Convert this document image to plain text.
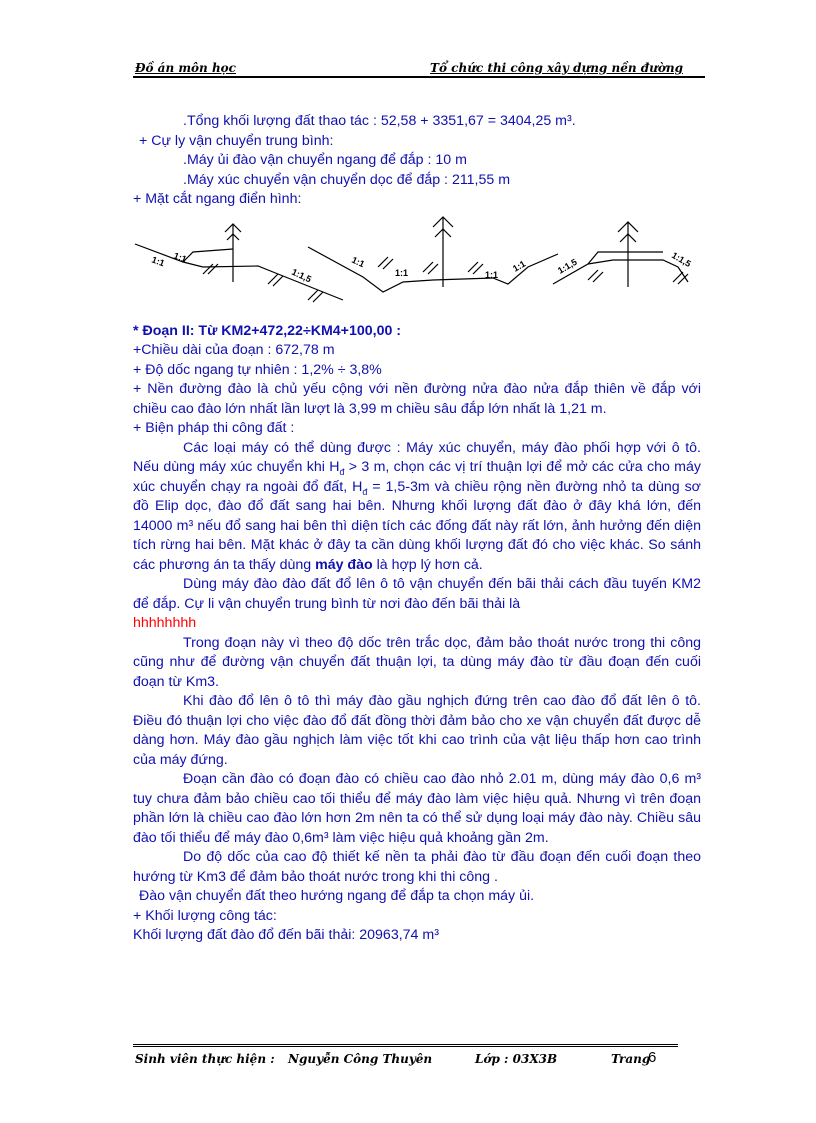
Đồ án môn học	Tổ chức thi công xây dựng nền đường

.Tổng khối lượng đất thao tác : 52,58 + 3351,67 = 3404,25 m³.

+ Cự ly vận chuyển trung bình:

.Máy ủi đào vận chuyển ngang để đắp : 10 m

.Máy xúc chuyển vận chuyển dọc để đắp : 211,55 m

+ Mặt cắt ngang điển hình:

* Đoạn II: Từ KM2+472,22÷KM4+100,00 :

+Chiều dài của đoạn : 672,78 m

+ Độ dốc ngang tự nhiên : 1,2% ÷ 3,8%

+ Nền đường đào là chủ yếu cộng với nền đường nửa đào nửa đắp thiên về đắp với chiều cao đào lớn nhất lần lượt là 3,99 m chiều sâu đắp lớn nhất là 1,21 m.

+ Biện pháp thi công đất :

Các loại máy có thể dùng được : Máy xúc chuyển, máy đào phối hợp với ô tô. Nếu dùng máy xúc chuyển khi $H_đ > 3$ m, chọn các vị trí thuận lợi để mở các cửa cho máy xúc chuyển chạy ra ngoài đổ đất, $H_đ = 1,5-3m$ và chiều rộng nền đường nhỏ ta dùng sơ đồ Elip dọc, đào đổ đất sang hai bên. Nhưng khối lượng đất đào ở đây khá lớn, đến 14000 m³ nếu đổ sang hai bên thì diện tích các đống đất này rất lớn, ảnh hưởng đến diện tích rừng hai bên. Mặt khác ở đây ta cần dùng khối lượng đất đó cho việc khác. So sánh các phương án ta thấy dùng máy đào là hợp lý hơn cả.

Dùng máy đào đào đất đổ lên ô tô vận chuyển đến bãi thải cách đầu tuyến KM2 để đắp. Cự li vận chuyển trung bình từ nơi đào đến bãi thải là

hhhhhhhh

Trong đoạn này vì theo độ dốc trên trắc dọc, đảm bảo thoát nước trong thi công cũng như để đường vận chuyển đất thuận lợi, ta dùng máy đào từ đầu đoạn đến cuối đoạn từ Km3.

Khi đào đổ lên ô tô thì máy đào gầu nghịch đứng trên cao đào đổ đất lên ô tô. Điều đó thuận lợi cho việc đào đổ đất đồng thời đảm bảo cho xe vận chuyển đất được dễ dàng hơn. Máy đào gầu nghịch làm việc tốt khi cao trình của vật liệu thấp hơn cao trình của máy đứng.

Đoạn cần đào có đoạn đào có chiều cao đào nhỏ 2.01 m, dùng máy đào 0,6 m³ tuy chưa đảm bảo chiều cao tối thiểu để máy đào làm việc hiệu quả. Nhưng vì trên đoạn phần lớn là chiều cao đào lớn hơn 2m nên ta có thể sử dụng loại máy đào này. Chiều sâu đào tối thiểu để máy đào 0,6m³ làm việc hiệu quả khoảng gần 2m.

Do độ dốc của cao độ thiết kế nền ta phải đào từ đầu đoạn đến cuối đoạn theo hướng từ Km3 để đảm bảo thoát nước trong khi thi công .

Đào vận chuyển đất theo hướng ngang để đắp ta chọn máy ủi.

+ Khối lượng công tác:

Khối lượng đất đào đổ đến bãi thải: 20963,74 m³

1:1 1:1
1:1,5
1:1
1:1	1:1
1:1	1:1,5	1:1,5
Sinh viên thực hiện : Nguyễn Công Thuyên	Lớp : 03X3B	Trang
6
